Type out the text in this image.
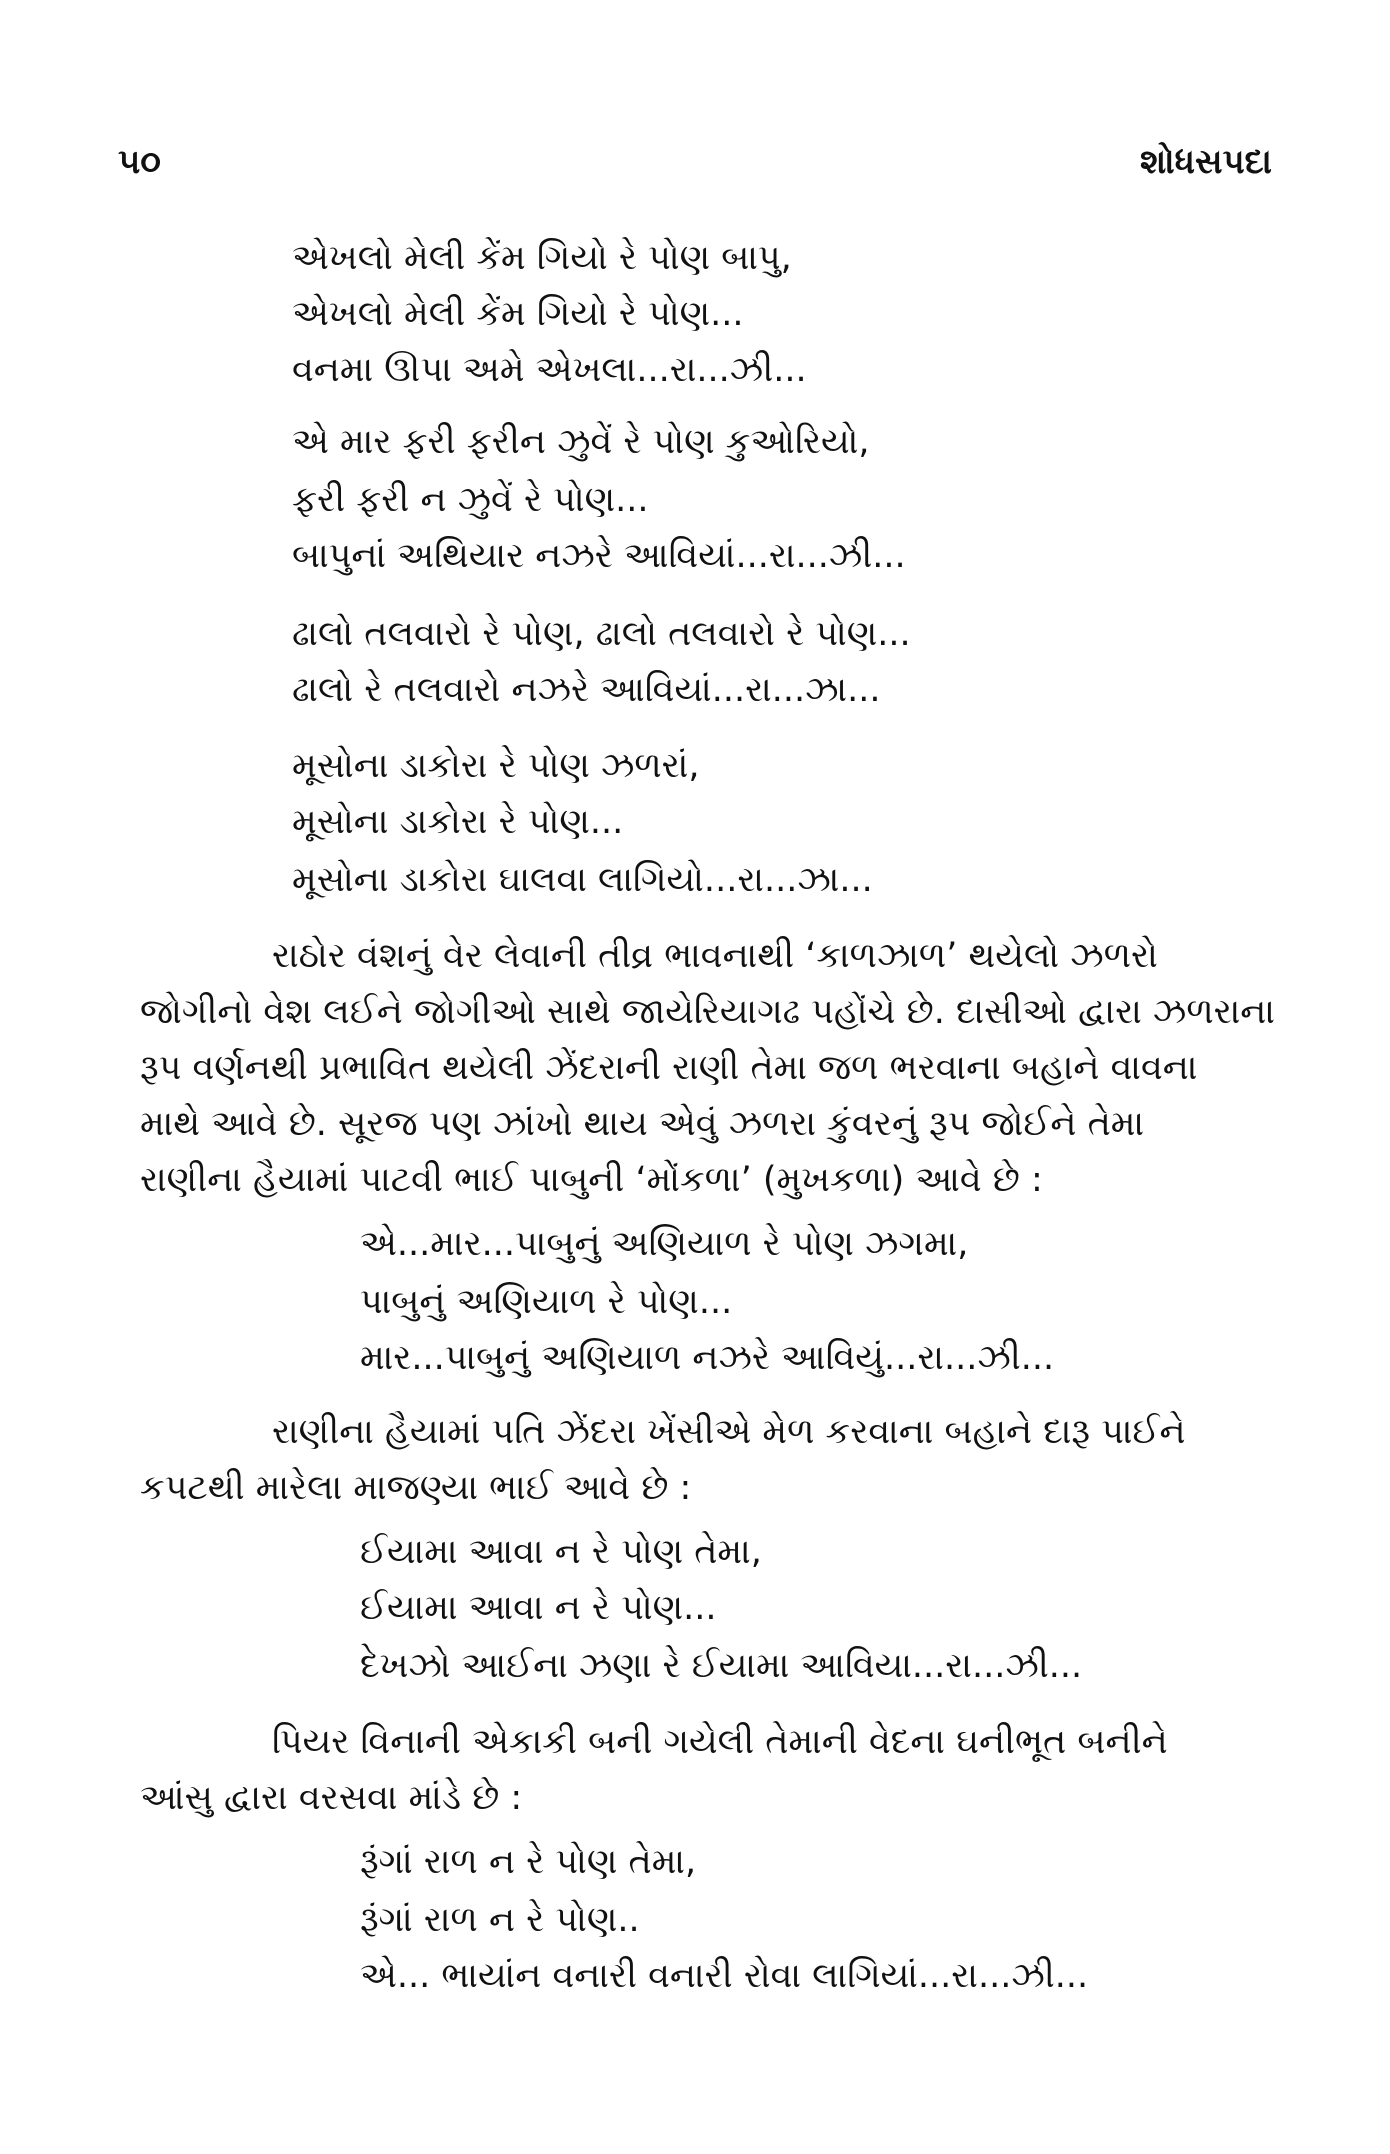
૫૦	શોધસપદા
એખલો મેલી કેંમ ગિયો રે પોણ બાપુ,
એખલો મેલી કેંમ ગિયો રે પોણ...
વનમા ઊપા અમે એખલા...રા...ઝી...
એ માર ફરી ફરીન ઝુવેં રે પોણ કુઓરિયો,
ફરી ફરી ન ઝુવેં રે પોણ...
બાપુનાં અથિયાર નઝરે આવિયાં...રા...ઝી...
ઢાલો તલવારો રે પોણ, ઢાલો તલવારો રે પોણ...
ઢાલો રે તલવારો નઝરે આવિયાં...રા...ઝા...
મૂસોના ડાકોરા રે પોણ ઝળરાં,
મૂસોના ડાકોરા રે પોણ...
મૂસોના ડાકોરા ઘાલવા લાગિયો...રા...ઝા...
રાઠોર વંશનું વેર લેવાની તીવ્ર ભાવનાથી ‘કાળઝાળ’ થયેલો ઝળરો
જોગીનો વેશ લઈને જોગીઓ સાથે જાયેરિયાગઢ પહોંચે છે. દાસીઓ દ્વારા ઝળરાના
રૂપ વર્ણનથી પ્રભાવિત થયેલી ઝેંદરાની રાણી તેમા જળ ભરવાના બહાને વાવના
માથે આવે છે. સૂરજ પણ ઝાંખો થાય એવું ઝળરા કુંવરનું રૂપ જોઈને તેમા
રાણીના હૈયામાં પાટવી ભાઈ પાબુની ‘મોંકળા’ (મુખકળા) આવે છે :
એ...માર...પાબુનું અણિયાળ રે પોણ ઝગમા,
પાબુનું અણિયાળ રે પોણ...
માર...પાબુનું અણિયાળ નઝરે આવિયું...રા...ઝી...
રાણીના હૈયામાં પતિ ઝેંદરા ખેંસીએ મેળ કરવાના બહાને દારૂ પાઈને
કપટથી મારેલા માજણ્યા ભાઈ આવે છે :
ઈયામા આવા ન રે પોણ તેમા,
ઈયામા આવા ન રે પોણ...
દેખઝો આઈના ઝણા રે ઈયામા આવિયા...રા...ઝી...
પિયર વિનાની એકાકી બની ગયેલી તેમાની વેદના ઘનીભૂત બનીને
આંસુ દ્વારા વરસવા માંડે છે :
રૂંગાં રાળ ન રે પોણ તેમા,
રૂંગાં રાળ ન રે પોણ..
એ... ભાયાંન વનારી વનારી રોવા લાગિયાં...રા...ઝી...
